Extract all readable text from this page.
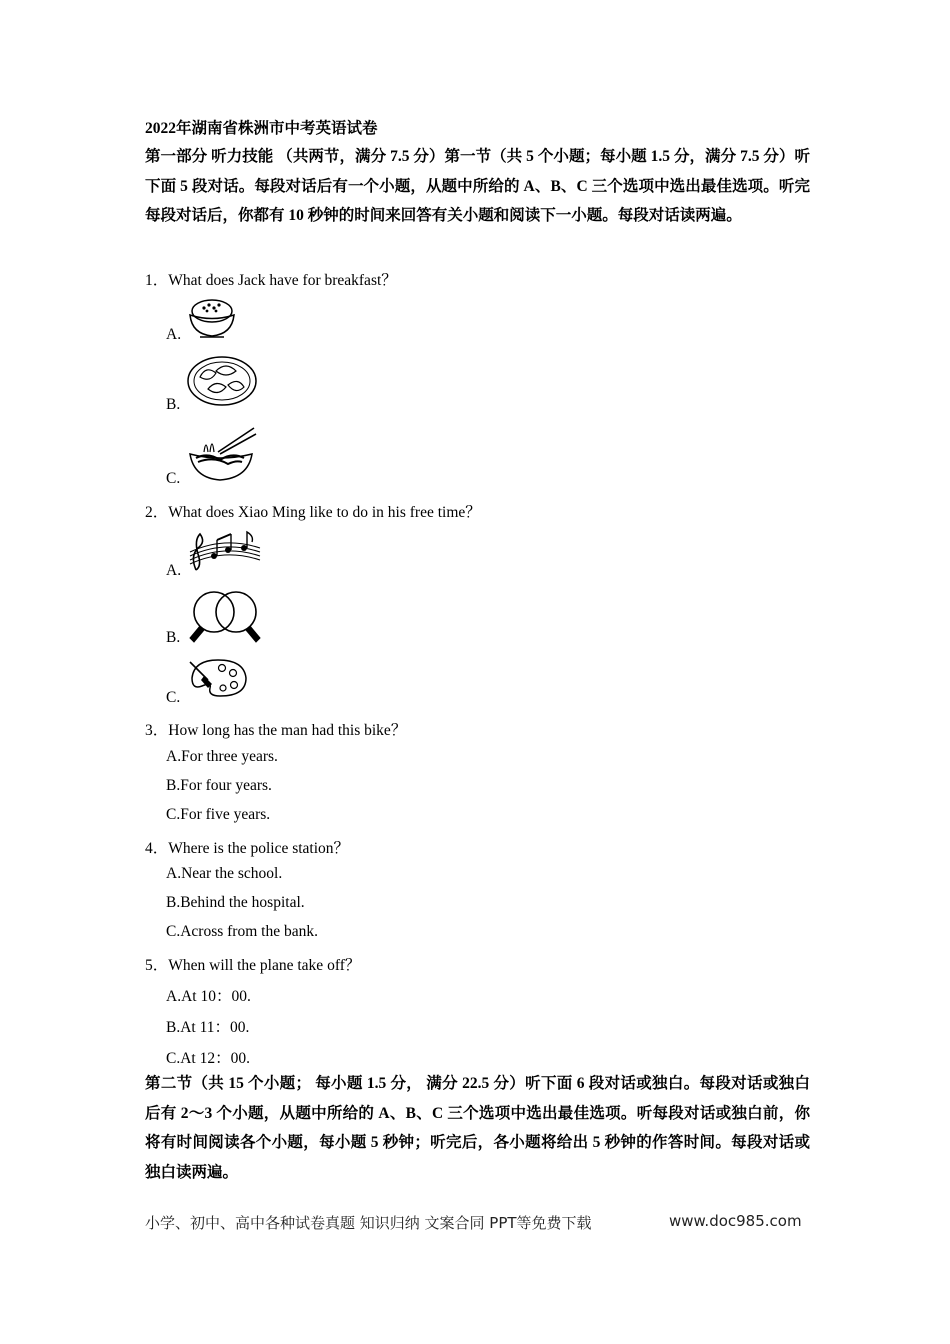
2022年湖南省株洲市中考英语试卷
第一部分 听力技能 （共两节，满分 7.5 分）第一节（共 5 个小题；每小题 1.5 分，满分 7.5 分）听下面 5 段对话。每段对话后有一个小题，从题中所给的 A、B、C 三个选项中选出最佳选项。听完每段对话后，你都有 10 秒钟的时间来回答有关小题和阅读下一小题。每段对话读两遍。
1．What does Jack have for breakfast？
A.
B.
C.
2．What does Xiao Ming like to do in his free time？
A.
B.
C.
3．How long has the man had this bike？
A.For three years.
B.For four years.
C.For five years.
4．Where is the police station？
A.Near the school.
B.Behind the hospital.
C.Across from the bank.
5．When will the plane take off？
A.At 10：00.
B.At 11：00.
C.At 12：00.
第二节（共 15 个小题； 每小题 1.5 分， 满分 22.5 分）听下面 6 段对话或独白。每段对话或独白后有 2～3 个小题，从题中所给的 A、B、C 三个选项中选出最佳选项。听每段对话或独白前，你将有时间阅读各个小题，每小题 5 秒钟；听完后，各小题将给出 5 秒钟的作答时间。每段对话或独白读两遍。
小学、初中、高中各种试卷真题 知识归纳 文案合同 PPT等免费下载	www.doc985.com
